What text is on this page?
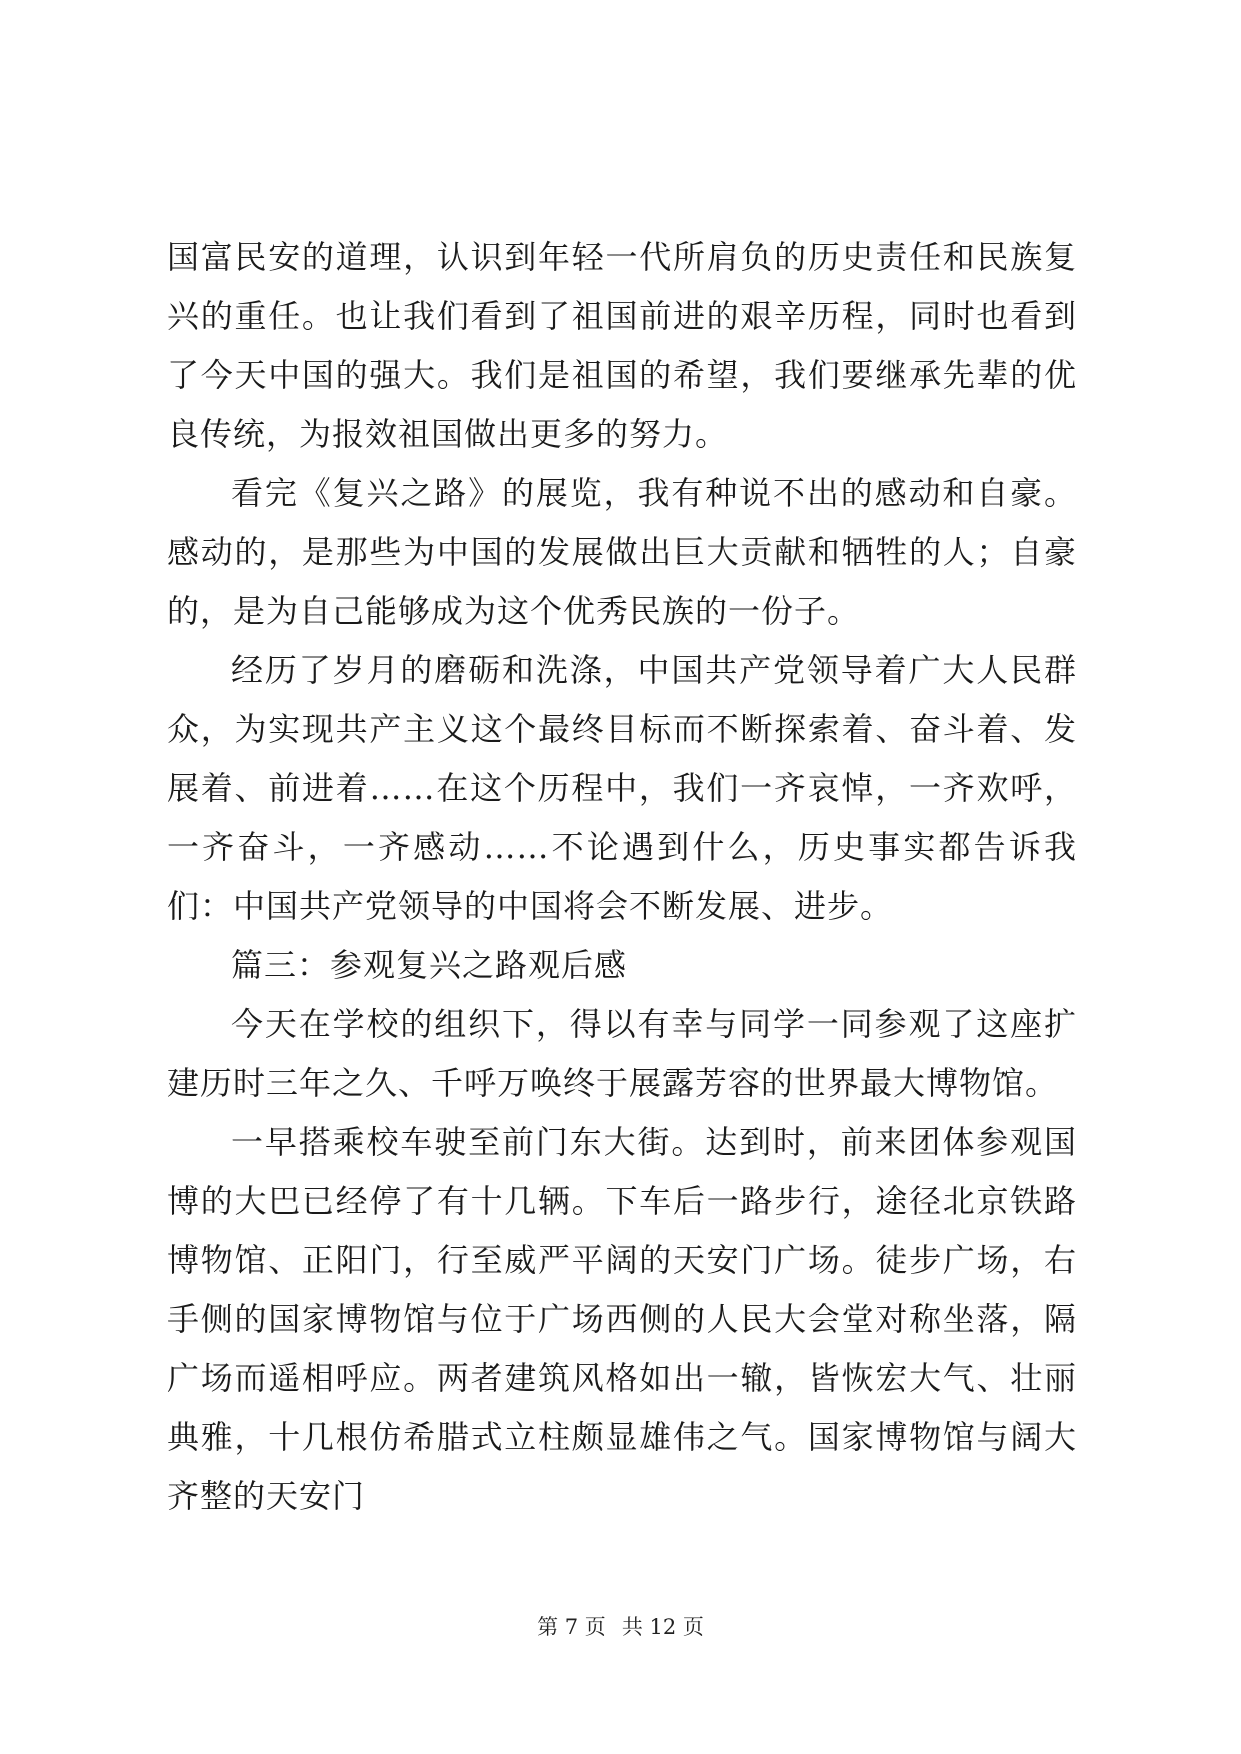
国富民安的道理，认识到年轻一代所肩负的历史责任和民族复兴的重任。也让我们看到了祖国前进的艰辛历程，同时也看到了今天中国的强大。我们是祖国的希望，我们要继承先辈的优良传统，为报效祖国做出更多的努力。

看完《复兴之路》的展览，我有种说不出的感动和自豪。感动的，是那些为中国的发展做出巨大贡献和牺牲的人；自豪的，是为自己能够成为这个优秀民族的一份子。

经历了岁月的磨砺和洗涤，中国共产党领导着广大人民群众，为实现共产主义这个最终目标而不断探索着、奋斗着、发展着、前进着……在这个历程中，我们一齐哀悼，一齐欢呼，一齐奋斗，一齐感动……不论遇到什么，历史事实都告诉我们：中国共产党领导的中国将会不断发展、进步。

篇三：参观复兴之路观后感

今天在学校的组织下，得以有幸与同学一同参观了这座扩建历时三年之久、千呼万唤终于展露芳容的世界最大博物馆。

一早搭乘校车驶至前门东大街。达到时，前来团体参观国博的大巴已经停了有十几辆。下车后一路步行，途径北京铁路博物馆、正阳门，行至威严平阔的天安门广场。徒步广场，右手侧的国家博物馆与位于广场西侧的人民大会堂对称坐落，隔广场而遥相呼应。两者建筑风格如出一辙，皆恢宏大气、壮丽典雅，十几根仿希腊式立柱颇显雄伟之气。国家博物馆与阔大齐整的天安门

第 7 页 共 12 页
